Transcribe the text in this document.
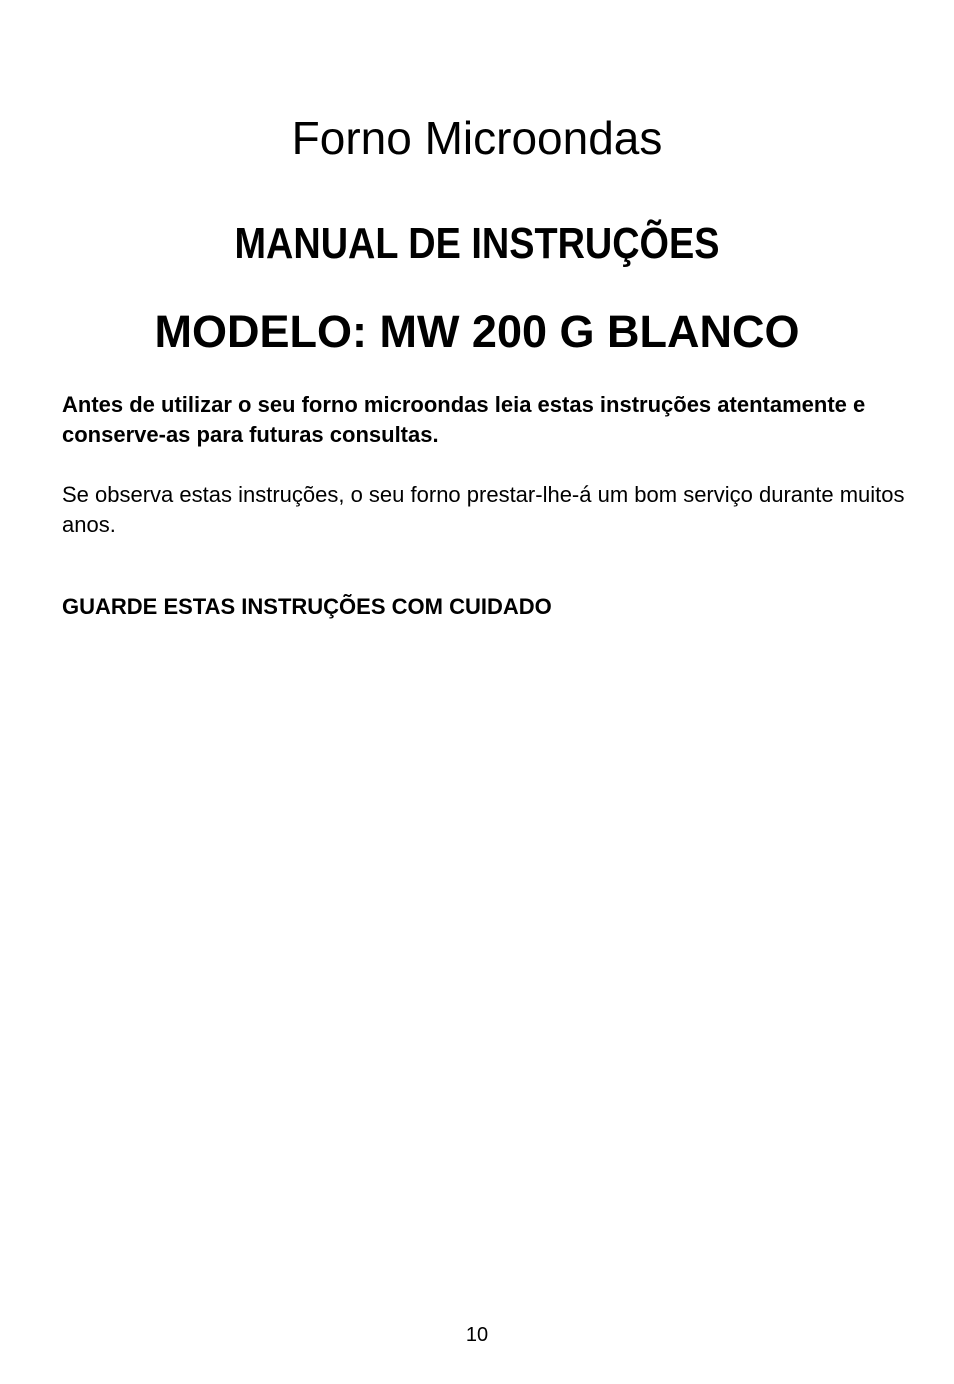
Forno Microondas
MANUAL DE INSTRUÇÕES
MODELO: MW 200 G BLANCO

Antes de utilizar o seu forno microondas leia estas instruções atentamente e conserve-as para futuras consultas.

Se observa estas instruções, o seu forno prestar-lhe-á um bom serviço durante muitos anos.

GUARDE ESTAS INSTRUÇÕES COM CUIDADO

10
